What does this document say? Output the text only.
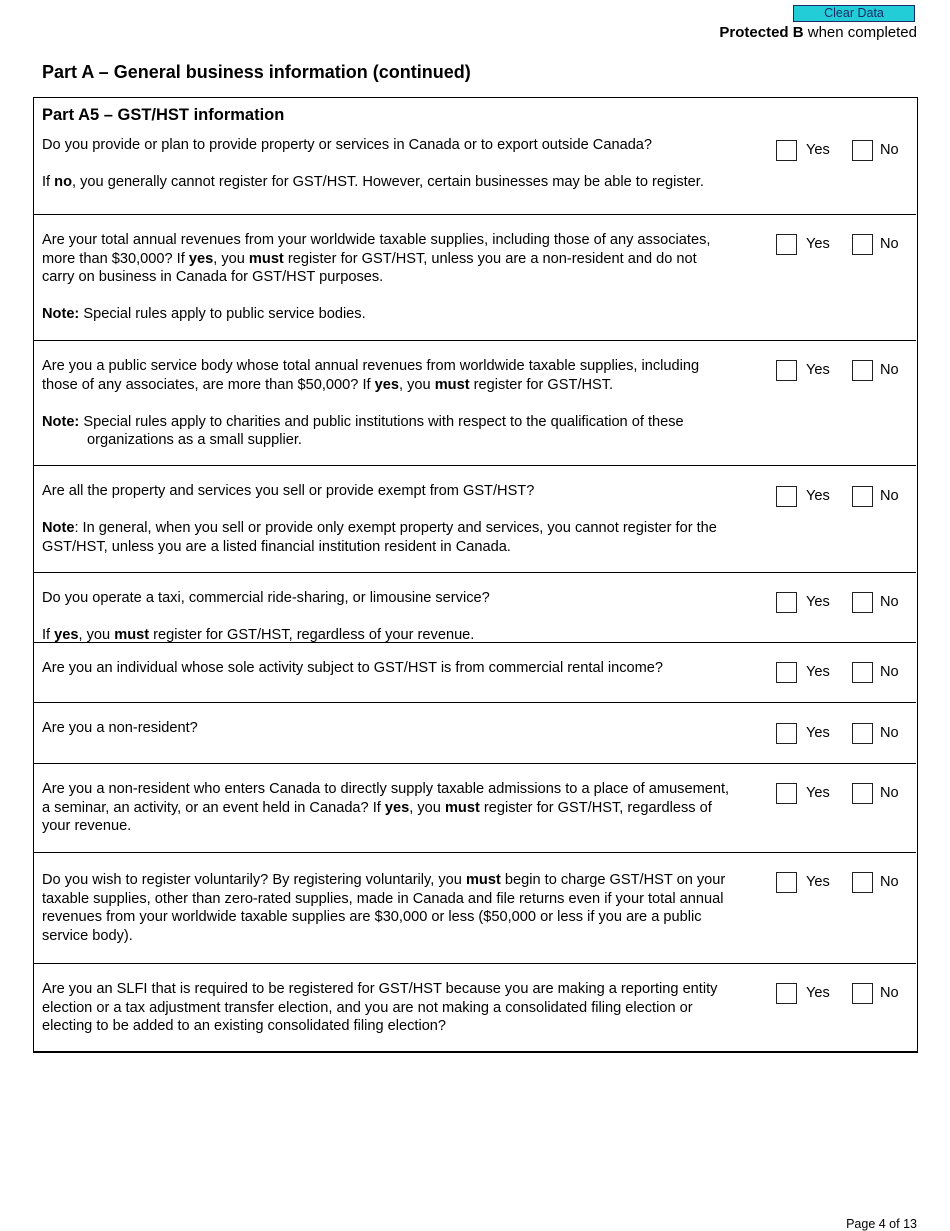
Clear Data
Protected B when completed
Part A – General business information (continued)
Part A5 – GST/HST information

Do you provide or plan to provide property or services in Canada or to export outside Canada?

If no, you generally cannot register for GST/HST. However, certain businesses may be able to register.

Yes	No

Are your total annual revenues from your worldwide taxable supplies, including those of any associates, more than $30,000? If yes, you must register for GST/HST, unless you are a non-resident and do not carry on business in Canada for GST/HST purposes.

Note: Special rules apply to public service bodies.

Yes	No

Are you a public service body whose total annual revenues from worldwide taxable supplies, including those of any associates, are more than $50,000? If yes, you must register for GST/HST.

Note: Special rules apply to charities and public institutions with respect to the qualification of these organizations as a small supplier.

Yes	No

Are all the property and services you sell or provide exempt from GST/HST?

Note: In general, when you sell or provide only exempt property and services, you cannot register for the GST/HST, unless you are a listed financial institution resident in Canada.

Yes	No

Do you operate a taxi, commercial ride-sharing, or limousine service?

If yes, you must register for GST/HST, regardless of your revenue.

Yes	No

Are you an individual whose sole activity subject to GST/HST is from commercial rental income?	Yes	No

Are you a non-resident?	Yes	No

Are you a non-resident who enters Canada to directly supply taxable admissions to a place of amusement, a seminar, an activity, or an event held in Canada? If yes, you must register for GST/HST, regardless of your revenue.

Yes	No

Do you wish to register voluntarily? By registering voluntarily, you must begin to charge GST/HST on your taxable supplies, other than zero-rated supplies, made in Canada and file returns even if your total annual revenues from your worldwide taxable supplies are $30,000 or less ($50,000 or less if you are a public service body).

Yes	No

Are you an SLFI that is required to be registered for GST/HST because you are making a reporting entity election or a tax adjustment transfer election, and you are not making a consolidated filing election or electing to be added to an existing consolidated filing election?

Yes	No
Page 4 of 13
